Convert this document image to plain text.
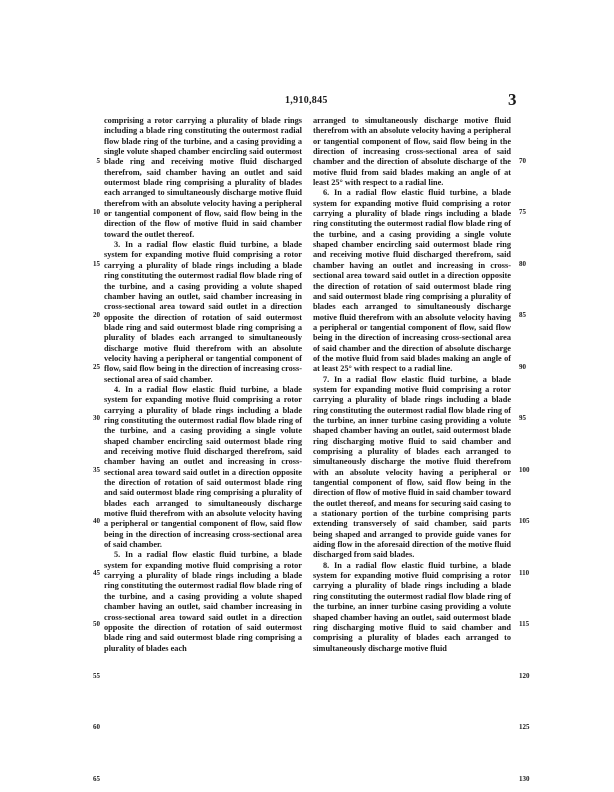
1,910,845	3

comprising a rotor carrying a plurality of blade rings including a blade ring constituting the outermost radial flow blade ring of the turbine, and a casing providing a single volute shaped chamber encircling said outermost blade ring and receiving motive fluid discharged therefrom, said chamber having an outlet and said outermost blade ring comprising a plurality of blades each arranged to simultaneously discharge motive fluid therefrom with an absolute velocity having a peripheral or tangential component of flow, said flow being in the direction of the flow of motive fluid in said chamber toward the outlet thereof.

3. In a radial flow elastic fluid turbine, a blade system for expanding motive fluid comprising a rotor carrying a plurality of blade rings including a blade ring constituting the outermost radial flow blade ring of the turbine, and a casing providing a volute shaped chamber having an outlet, said chamber increasing in cross-sectional area toward said outlet in a direction opposite the direction of rotation of said outermost blade ring and said outermost blade ring comprising a plurality of blades each arranged to simultaneously discharge motive fluid therefrom with an absolute velocity having a peripheral or tangential component of flow, said flow being in the direction of increasing cross-sectional area of said chamber.

4. In a radial flow elastic fluid turbine, a blade system for expanding motive fluid comprising a rotor carrying a plurality of blade rings including a blade ring constituting the outermost radial flow blade ring of the turbine, and a casing providing a single volute shaped chamber encircling said outermost blade ring and receiving motive fluid discharged therefrom, said chamber having an outlet and increasing in cross-sectional area toward said outlet in a direction opposite the direction of rotation of said outermost blade ring and said outermost blade ring comprising a plurality of blades each arranged to simultaneously discharge motive fluid therefrom with an absolute velocity having a peripheral or tangential component of flow, said flow being in the direction of increasing cross-sectional area of said chamber.

5. In a radial flow elastic fluid turbine, a blade system for expanding motive fluid comprising a rotor carrying a plurality of blade rings including a blade ring constituting the outermost radial flow blade ring of the turbine, and a casing providing a volute shaped chamber having an outlet, said chamber increasing in cross-sectional area toward said outlet in a direction opposite the direction of rotation of said outermost blade ring and said outermost blade ring comprising a plurality of blades each

arranged to simultaneously discharge motive fluid therefrom with an absolute velocity having a peripheral or tangential component of flow, said flow being in the direction of increasing cross-sectional area of said chamber and the direction of absolute discharge of the motive fluid from said blades making an angle of at least 25° with respect to a radial line.

6. In a radial flow elastic fluid turbine, a blade system for expanding motive fluid comprising a rotor carrying a plurality of blade rings including a blade ring constituting the outermost radial flow blade ring of the turbine, and a casing providing a single volute shaped chamber encircling said outermost blade ring and receiving motive fluid discharged therefrom, said chamber having an outlet and increasing in cross-sectional area toward said outlet in a direction opposite the direction of rotation of said outermost blade ring and said outermost blade ring comprising a plurality of blades each arranged to simultaneously discharge motive fluid therefrom with an absolute velocity having a peripheral or tangential component of flow, said flow being in the direction of increasing cross-sectional area of said chamber and the direction of absolute discharge of the motive fluid from said blades making an angle of at least 25° with respect to a radial line.

7. In a radial flow elastic fluid turbine, a blade system for expanding motive fluid comprising a rotor carrying a plurality of blade rings including a blade ring constituting the outermost radial flow blade ring of the turbine, an inner turbine casing providing a volute shaped chamber having an outlet, said outermost blade ring discharging motive fluid to said chamber and comprising a plurality of blades each arranged to simultaneously discharge the motive fluid therefrom with an absolute velocity having a peripheral or tangential component of flow, said flow being in the direction of flow of motive fluid in said chamber toward the outlet thereof, and means for securing said casing to a stationary portion of the turbine comprising parts extending transversely of said chamber, said parts being shaped and arranged to provide guide vanes for aiding flow in the aforesaid direction of the motive fluid discharged from said blades.

8. In a radial flow elastic fluid turbine, a blade system for expanding motive fluid comprising a rotor carrying a plurality of blade rings including a blade ring constituting the outermost radial flow blade ring of the turbine, an inner turbine casing providing a volute shaped chamber having an outlet, said outermost blade ring discharging motive fluid to said chamber and comprising a plurality of blades each arranged to simultaneously discharge motive fluid

5
10
15
20
25
30
35
40
45
50
55
60
65
70
75
80
85
90
95
100
105
110
115
120
125
130
